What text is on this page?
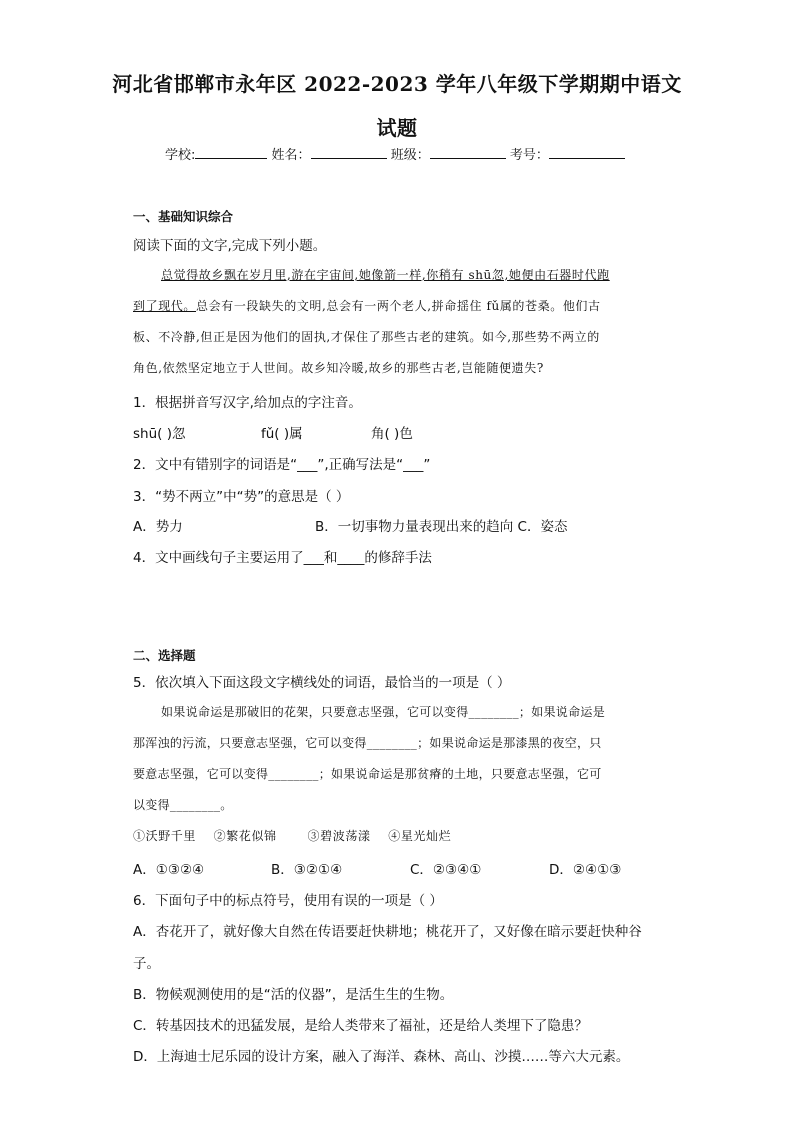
河北省邯郸市永年区 2022-2023 学年八年级下学期期中语文
试题
学校:	姓名：	班级：	考号：
一、基础知识综合
阅读下面的文字,完成下列小题。
总觉得故乡飘在岁月里,游在宇宙间,她像箭一样,你稍有 shū忽,她便由石器时代跑
到了现代。总会有一段缺失的文明,总会有一两个老人,拼命揺住 fǔ属的苍桑。他们古
板、不冷静,但正是因为他们的固执,才保住了那些古老的建筑。如今,那些势不两立的
角色,依然坚定地立于人世间。故乡知冷暖,故乡的那些古老,岂能随便遗失?
1．根据拼音写汉字,给加点的字注音。
shū( )忽	fǔ( )属	角( )色
2．文中有错别字的词语是“___”,正确写法是“___”
3．“势不两立”中“势”的意思是（ ）
A．势力	B．一切事物力量表现出来的趋向 C．姿态
4．文中画线句子主要运用了___和____的修辞手法
二、选择题
5．依次填入下面这段文字横线处的词语，最恰当的一项是（ ）
如果说命运是那破旧的花架，只要意志坚强，它可以变得________；如果说命运是
那浑浊的污流，只要意志坚强，它可以变得________；如果说命运是那漆黑的夜空，只
要意志坚强，它可以变得________；如果说命运是那贫瘠的土地，只要意志坚强，它可
以变得________。
①沃野千里    ②繁花似锦       ③碧波荡漾    ④星光灿烂
A．①③②④	B．③②①④	C．②③④①	D．②④①③
6．下面句子中的标点符号，使用有误的一项是（ ）
A．杏花开了，就好像大自然在传语要赶快耕地；桃花开了，又好像在暗示要赶快种谷
子。
B．物候观测使用的是“活的仪器”，是活生生的生物。
C．转基因技术的迅猛发展，是给人类带来了福祉，还是给人类埋下了隐患？
D．上海迪士尼乐园的设计方案，融入了海洋、森林、高山、沙摸……等六大元素。
